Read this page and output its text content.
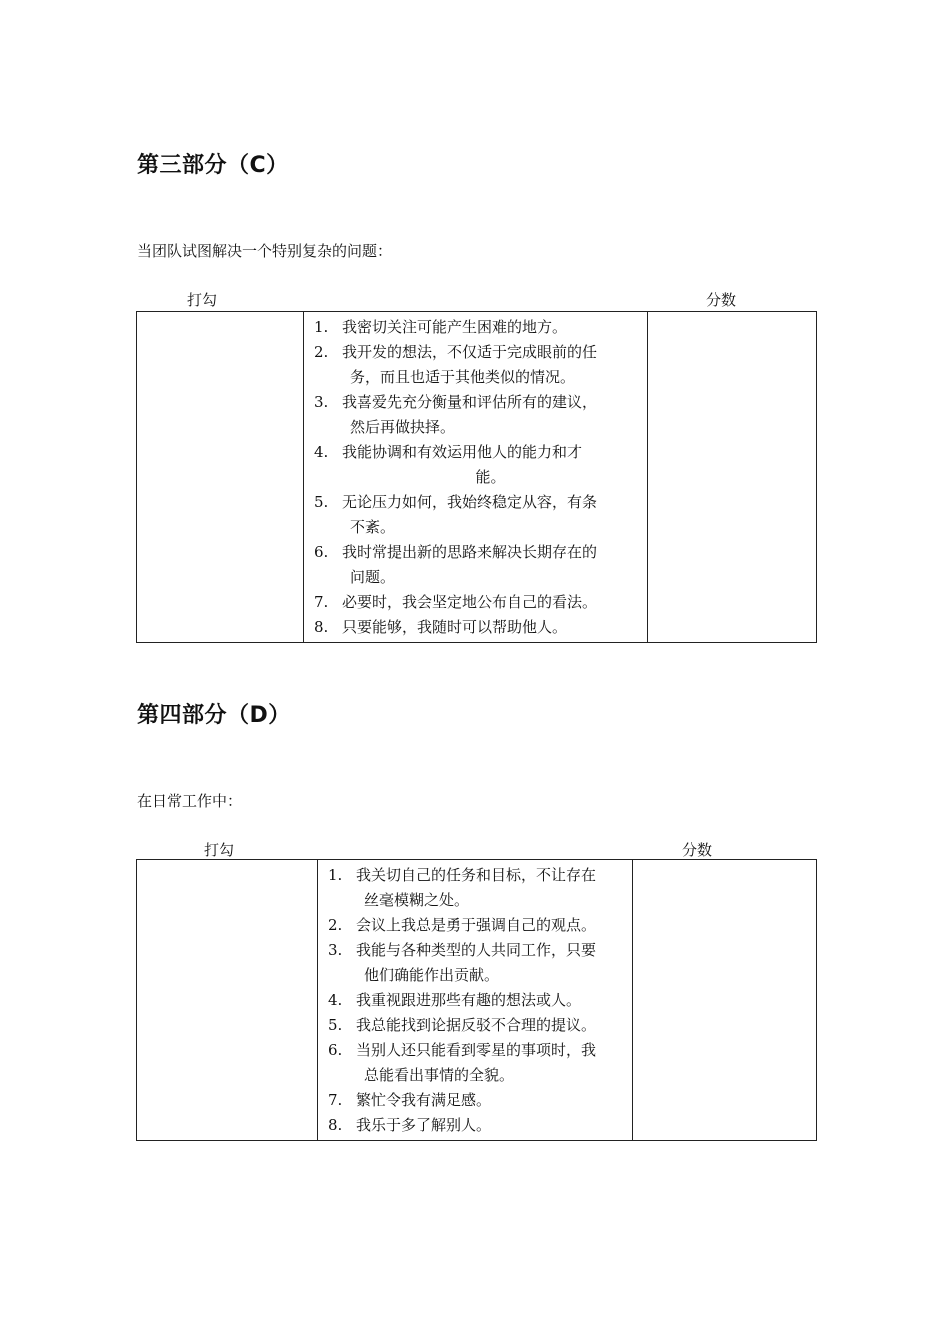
第三部分（C）

当团队试图解决一个特别复杂的问题：

打勾	分数

1. 我密切关注可能产生困难的地方。
2. 我开发的想法，不仅适于完成眼前的任
务，而且也适于其他类似的情况。
3. 我喜爱先充分衡量和评估所有的建议，
然后再做抉择。
4. 我能协调和有效运用他人的能力和才
能。
5. 无论压力如何，我始终稳定从容，有条
不紊。
6. 我时常提出新的思路来解决长期存在的
问题。
7. 必要时，我会坚定地公布自己的看法。
8. 只要能够，我随时可以帮助他人。

第四部分（D）

在日常工作中：

打勾	分数

1. 我关切自己的任务和目标，不让存在
丝毫模糊之处。
2. 会议上我总是勇于强调自己的观点。
3. 我能与各种类型的人共同工作，只要
他们确能作出贡献。
4. 我重视跟进那些有趣的想法或人。
5. 我总能找到论据反驳不合理的提议。
6. 当别人还只能看到零星的事项时，我
总能看出事情的全貌。
7. 繁忙令我有满足感。
8. 我乐于多了解别人。
